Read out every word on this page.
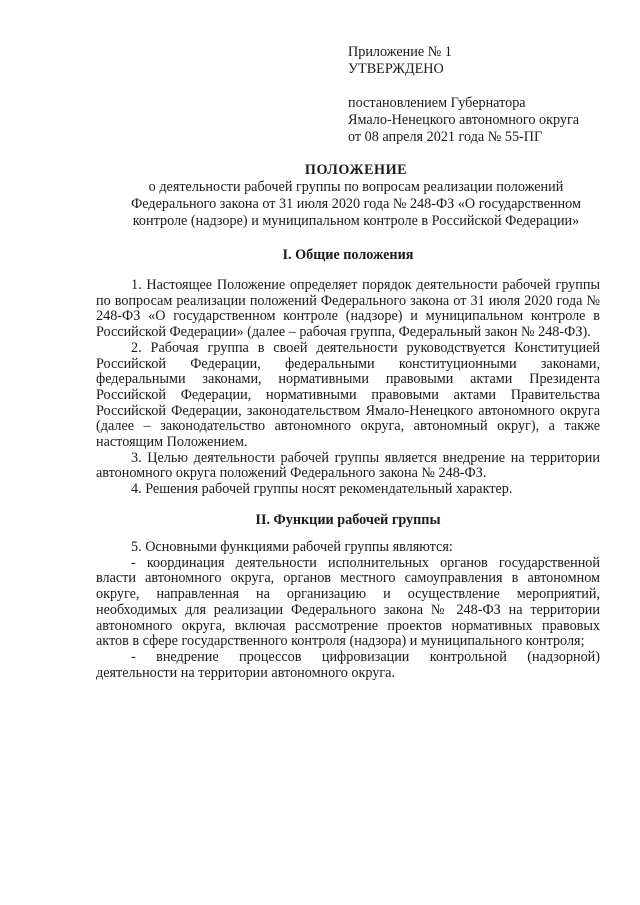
Приложение № 1
УТВЕРЖДЕНО
постановлением Губернатора
Ямало-Ненецкого автономного округа
от 08 апреля 2021 года № 55-ПГ
ПОЛОЖЕНИЕ
о деятельности рабочей группы по вопросам реализации положений
Федерального закона от 31 июля 2020 года № 248-ФЗ «О государственном
контроле (надзоре) и муниципальном контроле в Российской Федерации»
I. Общие положения

1. Настоящее Положение определяет порядок деятельности рабочей группы по вопросам реализации положений Федерального закона от 31 июля 2020 года № 248-ФЗ «О государственном контроле (надзоре) и муниципальном контроле в Российской Федерации» (далее – рабочая группа, Федеральный закон № 248-ФЗ).

2. Рабочая группа в своей деятельности руководствуется Конституцией Российской Федерации, федеральными конституционными законами, федеральными законами, нормативными правовыми актами Президента Российской Федерации, нормативными правовыми актами Правительства Российской Федерации, законодательством Ямало-Ненецкого автономного округа (далее – законодательство автономного округа, автономный округ), а также настоящим Положением.

3. Целью деятельности рабочей группы является внедрение на территории автономного округа положений Федерального закона № 248-ФЗ.

4. Решения рабочей группы носят рекомендательный характер.

II. Функции рабочей группы

5. Основными функциями рабочей группы являются:

- координация деятельности исполнительных органов государственной власти автономного округа, органов местного самоуправления в автономном округе, направленная на организацию и осуществление мероприятий, необходимых для реализации Федерального закона № 248-ФЗ на территории автономного округа, включая рассмотрение проектов нормативных правовых актов в сфере государственного контроля (надзора) и муниципального контроля;

- внедрение процессов цифровизации контрольной (надзорной) деятельности на территории автономного округа.
